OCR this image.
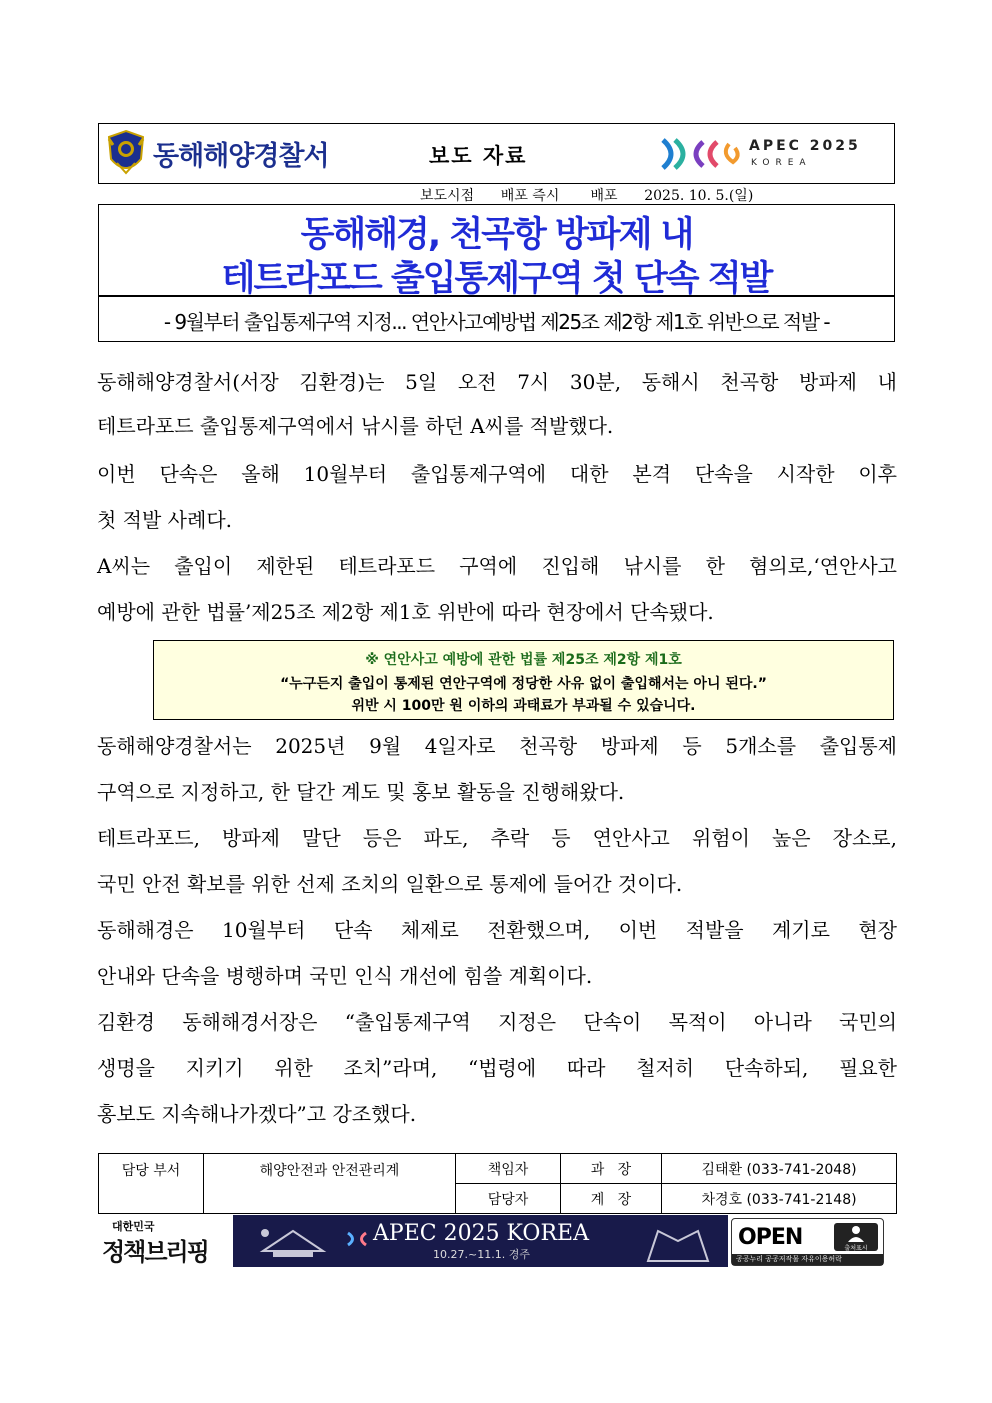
동해해양경찰서	보도 자료	APEC 2025
KOREA
보도시점      배포 즉시       배포      2025. 10. 5.(일)
동해해경, 천곡항 방파제 내
테트라포드 출입통제구역 첫 단속 적발
- 9월부터 출입통제구역 지정... 연안사고예방법 제25조 제2항 제1호 위반으로 적발 -
동해해양경찰서(서장 김환경)는 5일 오전 7시 30분, 동해시 천곡항 방파제 내
테트라포드 출입통제구역에서 낚시를 하던 A씨를 적발했다.
이번 단속은 올해 10월부터 출입통제구역에 대한 본격 단속을 시작한 이후
첫 적발 사례다.
A씨는 출입이 제한된 테트라포드 구역에 진입해 낚시를 한 혐의로,‘연안사고
예방에 관한 법률’제25조 제2항 제1호 위반에 따라 현장에서 단속됐다.
※ 연안사고 예방에 관한 법률 제25조 제2항 제1호
“누구든지 출입이 통제된 연안구역에 정당한 사유 없이 출입해서는 아니 된다.”
위반 시 100만 원 이하의 과태료가 부과될 수 있습니다.
동해해양경찰서는 2025년 9월 4일자로 천곡항 방파제 등 5개소를 출입통제
구역으로 지정하고, 한 달간 계도 및 홍보 활동을 진행해왔다.
테트라포드, 방파제 말단 등은 파도, 추락 등 연안사고 위험이 높은 장소로,
국민 안전 확보를 위한 선제 조치의 일환으로 통제에 들어간 것이다.
동해해경은 10월부터 단속 체제로 전환했으며, 이번 적발을 계기로 현장
안내와 단속을 병행하며 국민 인식 개선에 힘쓸 계획이다.
김환경 동해해경서장은 “출입통제구역 지정은 단속이 목적이 아니라 국민의
생명을 지키기 위한 조치”라며, “법령에 따라 철저히 단속하되, 필요한
홍보도 지속해나가겠다”고 강조했다.
담당 부서	해양안전과 안전관리계	책임자	과   장	김태환 (033-741-2048)
		담당자	계   장	차경호 (033-741-2148)
대한민국
정책브리핑
APEC 2025 KOREA
10.27.~11.1. 경주
OPEN	출처표시
공공누리 공공저작물 자유이용허락
